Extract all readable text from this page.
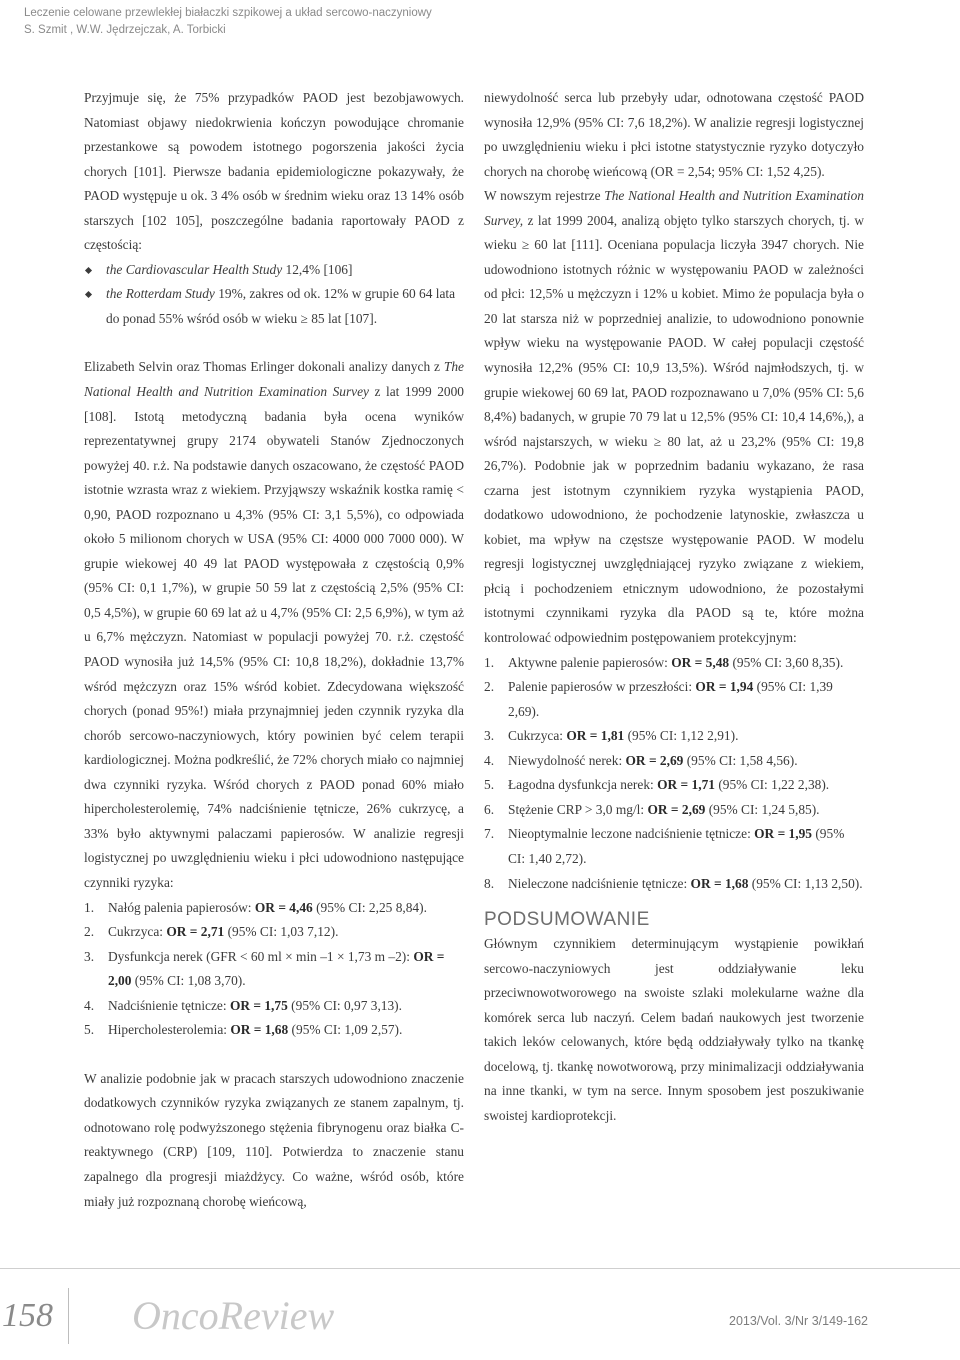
Leczenie celowane przewlekłej białaczki szpikowej a układ sercowo-naczyniowy
S. Szmit , W.W. Jędrzejczak, A. Torbicki

Przyjmuje się, że 75% przypadków PAOD jest bezobjawowych. Natomiast objawy niedokrwienia kończyn powodujące chromanie przestankowe są powodem istotnego pogorszenia jakości życia chorych [101]. Pierwsze badania epidemiologiczne pokazywały, że PAOD występuje u ok. 3 4% osób w średnim wieku oraz 13 14% osób starszych [102 105], poszczególne badania raportowały PAOD z częstością:

the Cardiovascular Health Study 12,4% [106]
the Rotterdam Study 19%, zakres od ok. 12% w grupie 60 64 lata do ponad 55% wśród osób w wieku ≥ 85 lat [107].

Elizabeth Selvin oraz Thomas Erlinger dokonali analizy danych z The National Health and Nutrition Examination Survey z lat 1999 2000 [108]. Istotą metodyczną badania była ocena wyników reprezentatywnej grupy 2174 obywateli Stanów Zjednoczonych powyżej 40. r.ż. Na podstawie danych oszacowano, że częstość PAOD istotnie wzrasta wraz z wiekiem. Przyjąwszy wskaźnik kostka ramię < 0,90, PAOD rozpoznano u 4,3% (95% CI: 3,1 5,5%), co odpowiada około 5 milionom chorych w USA (95% CI: 4000 000 7000 000). W grupie wiekowej 40 49 lat PAOD występowała z częstością 0,9% (95% CI: 0,1 1,7%), w grupie 50 59 lat z częstością 2,5% (95% CI: 0,5 4,5%), w grupie 60 69 lat aż u 4,7% (95% CI: 2,5 6,9%), w tym aż u 6,7% mężczyzn. Natomiast w populacji powyżej 70. r.ż. częstość PAOD wynosiła już 14,5% (95% CI: 10,8 18,2%), dokładnie 13,7% wśród mężczyzn oraz 15% wśród kobiet. Zdecydowana większość chorych (ponad 95%!) miała przynajmniej jeden czynnik ryzyka dla chorób sercowo-naczyniowych, który powinien być celem terapii kardiologicznej. Można podkreślić, że 72% chorych miało co najmniej dwa czynniki ryzyka. Wśród chorych z PAOD ponad 60% miało hipercholesterolemię, 74% nadciśnienie tętnicze, 26% cukrzycę, a 33% było aktywnymi palaczami papierosów. W analizie regresji logistycznej po uwzględnieniu wieku i płci udowodniono następujące czynniki ryzyka:

1.	Nałóg palenia papierosów: OR = 4,46 (95% CI: 2,25 8,84).
2.	Cukrzyca: OR = 2,71 (95% CI: 1,03 7,12).
3.	Dysfunkcja nerek (GFR < 60 ml × min –1 × 1,73 m –2): OR = 2,00 (95% CI: 1,08 3,70).
4.	Nadciśnienie tętnicze: OR = 1,75 (95% CI: 0,97 3,13).
5.	Hipercholesterolemia: OR = 1,68 (95% CI: 1,09 2,57).

W analizie podobnie jak w pracach starszych udowodniono znaczenie dodatkowych czynników ryzyka związanych ze stanem zapalnym, tj. odnotowano rolę podwyższonego stężenia fibrynogenu oraz białka C-reaktywnego (CRP) [109, 110]. Potwierdza to znaczenie stanu zapalnego dla progresji miażdżycy. Co ważne, wśród osób, które miały już rozpoznaną chorobę wieńcową,

niewydolność serca lub przebyły udar, odnotowana częstość PAOD wynosiła 12,9% (95% CI: 7,6 18,2%). W analizie regresji logistycznej po uwzględnieniu wieku i płci istotne statystycznie ryzyko dotyczyło chorych na chorobę wieńcową (OR = 2,54; 95% CI: 1,52 4,25).

W nowszym rejestrze The National Health and Nutrition Examination Survey, z lat 1999 2004, analizą objęto tylko starszych chorych, tj. w wieku ≥ 60 lat [111]. Oceniana populacja liczyła 3947 chorych. Nie udowodniono istotnych różnic w występowaniu PAOD w zależności od płci: 12,5% u mężczyzn i 12% u kobiet. Mimo że populacja była o 20 lat starsza niż w poprzedniej analizie, to udowodniono ponownie wpływ wieku na występowanie PAOD. W całej populacji częstość wynosiła 12,2% (95% CI: 10,9 13,5%). Wśród najmłodszych, tj. w grupie wiekowej 60 69 lat, PAOD rozpoznawano u 7,0% (95% CI: 5,6 8,4%) badanych, w grupie 70 79 lat u 12,5% (95% CI: 10,4 14,6%,), a wśród najstarszych, w wieku ≥ 80 lat, aż u 23,2% (95% CI: 19,8 26,7%). Podobnie jak w poprzednim badaniu wykazano, że rasa czarna jest istotnym czynnikiem ryzyka wystąpienia PAOD, dodatkowo udowodniono, że pochodzenie latynoskie, zwłaszcza u kobiet, ma wpływ na częstsze występowanie PAOD. W modelu regresji logistycznej uwzględniającej ryzyko związane z wiekiem, płcią i pochodzeniem etnicznym udowodniono, że pozostałymi istotnymi czynnikami ryzyka dla PAOD są te, które można kontrolować odpowiednim postępowaniem protekcyjnym:

1.	Aktywne palenie papierosów: OR = 5,48 (95% CI: 3,60 8,35).
2.	Palenie papierosów w przeszłości: OR = 1,94 (95% CI: 1,39 2,69).
3.	Cukrzyca: OR = 1,81 (95% CI: 1,12 2,91).
4.	Niewydolność nerek: OR = 2,69 (95% CI: 1,58 4,56).
5.	Łagodna dysfunkcja nerek: OR = 1,71 (95% CI: 1,22 2,38).
6.	Stężenie CRP > 3,0 mg/l: OR = 2,69 (95% CI: 1,24 5,85).
7.	Nieoptymalnie leczone nadciśnienie tętnicze: OR = 1,95 (95% CI: 1,40 2,72).
8.	Nieleczone nadciśnienie tętnicze: OR = 1,68 (95% CI: 1,13 2,50).
PODSUMOWANIE

Głównym czynnikiem determinującym wystąpienie powikłań sercowo-naczyniowych jest oddziaływanie leku przeciwnowotworowego na swoiste szlaki molekularne ważne dla komórek serca lub naczyń. Celem badań naukowych jest tworzenie takich leków celowanych, które będą oddziaływały tylko na tkankę docelową, tj. tkankę nowotworową, przy minimalizacji oddziaływania na inne tkanki, w tym na serce. Innym sposobem jest poszukiwanie swoistej kardioprotekcji.

158 OncoReview	2013/Vol. 3/Nr 3/149-162
